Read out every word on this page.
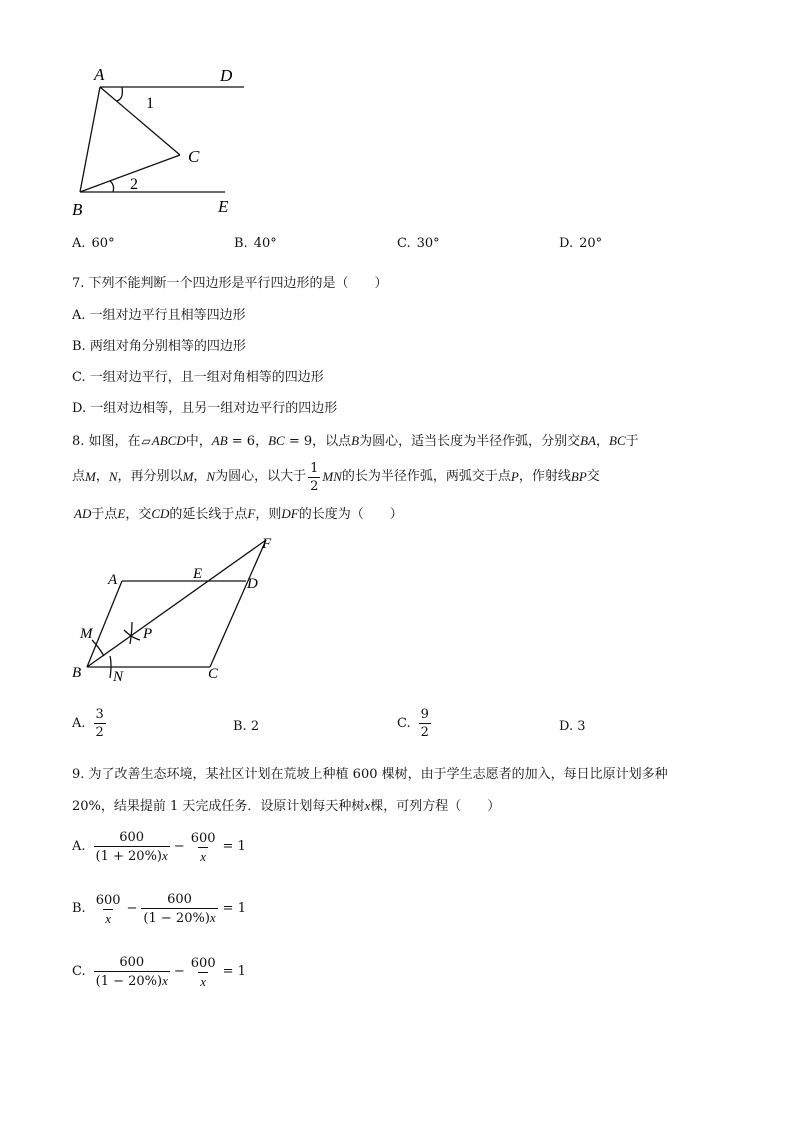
A	D
1
C
2
B	E
A. 60°	B. 40°	C. 30°	D. 20°
7. 下列不能判断一个四边形是平行四边形的是（　　）
A. 一组对边平行且相等四边形
B. 两组对角分别相等的四边形
C. 一组对边平行，且一组对角相等的四边形
D. 一组对边相等，且另一组对边平行的四边形
8. 如图，在▱ABCD中，AB = 6，BC = 9，以点B为圆心，适当长度为半径作弧，分别交BA，BC于
点 M ， N ，再分别以 M ， N 为圆心，以大于 $\frac{1}{2}$ MN 的长为半径作弧，两弧交于点 P ，作射线 BP 交
AD于点E，交CD的延长线于点F，则DF的长度为（　　）
F
A	E
D
M	P
B N	C
A. $\frac{3}{2}$	B. 2	C. $\frac{9}{2}$	D. 3
9. 为了改善生态环境，某社区计划在荒坡上种植 600 棵树，由于学生志愿者的加入，每日比原计划多种
20%，结果提前 1 天完成任务．设原计划每天种树x棵，可列方程（　　）
A. $\frac{600}{(1 + 20\%)x} - \frac{600}{x} = 1$
B. $\frac{600}{x} - \frac{600}{(1 - 20\%)x} = 1$
C. $\frac{600}{(1 - 20\%)x} - \frac{600}{x} = 1$
